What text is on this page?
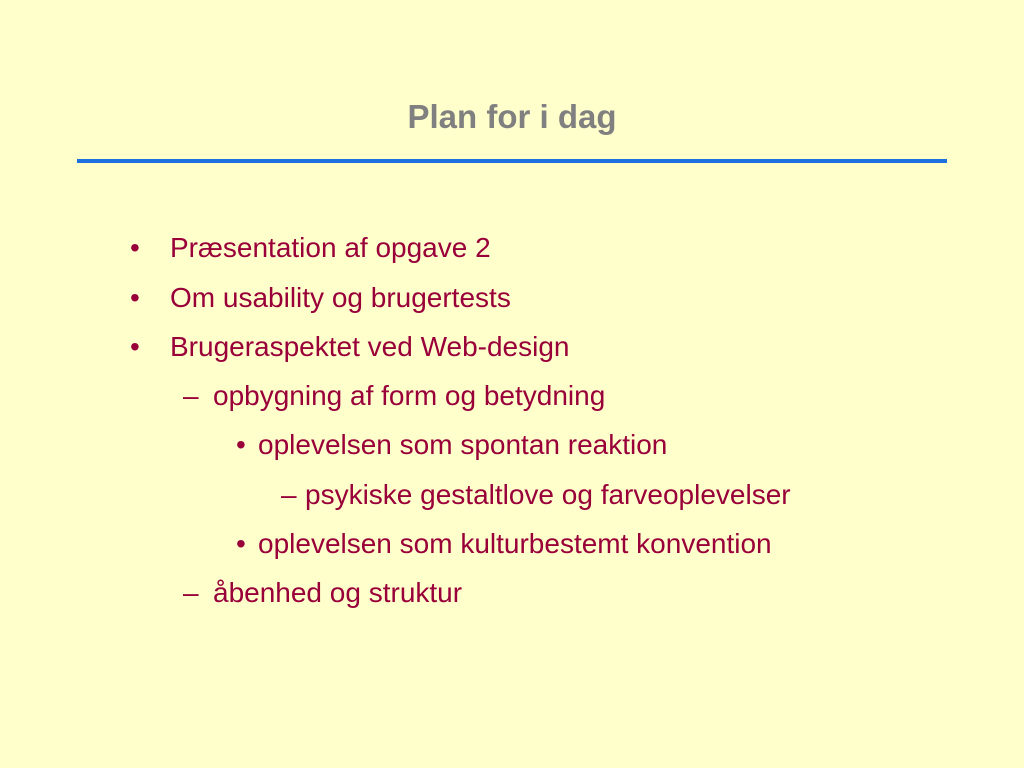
Plan for i dag
• Præsentation af opgave 2
• Om usability og brugertests
• Brugeraspektet ved Web-design
– opbygning af form og betydning
• oplevelsen som spontan reaktion
– psykiske gestaltlove og farveoplevelser
• oplevelsen som kulturbestemt konvention
– åbenhed og struktur
